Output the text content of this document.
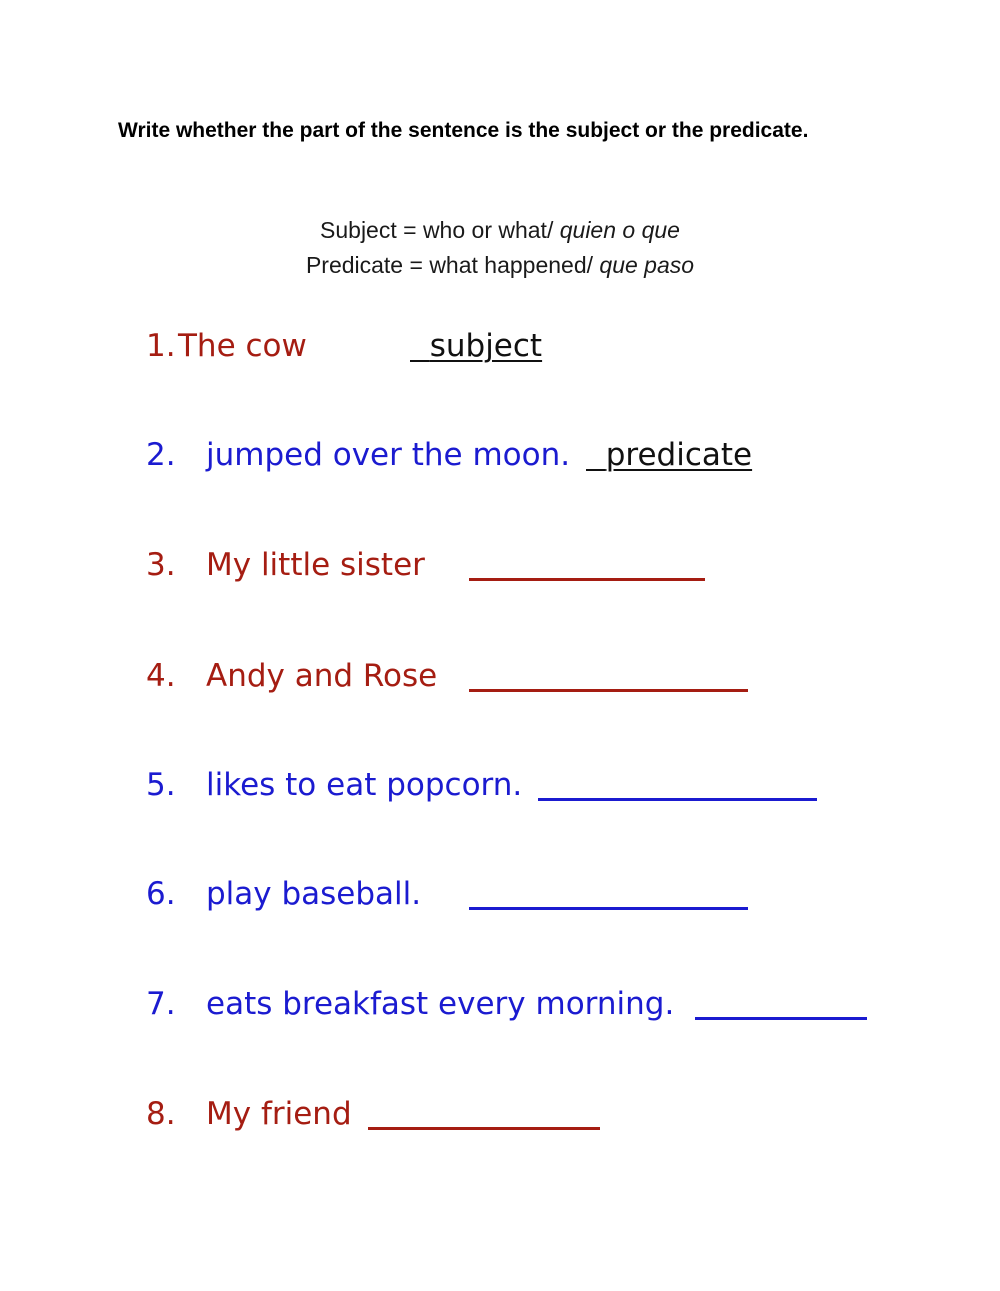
Write whether the part of the sentence is the subject or the predicate.

Subject = who or what/ quien o que

Predicate = what happened/ que paso

1. The cow	subject
2. jumped over the moon.	predicate
3. My little sister
4. Andy and Rose
5. likes to eat popcorn.
6. play baseball.
7. eats breakfast every morning.
8. My friend
